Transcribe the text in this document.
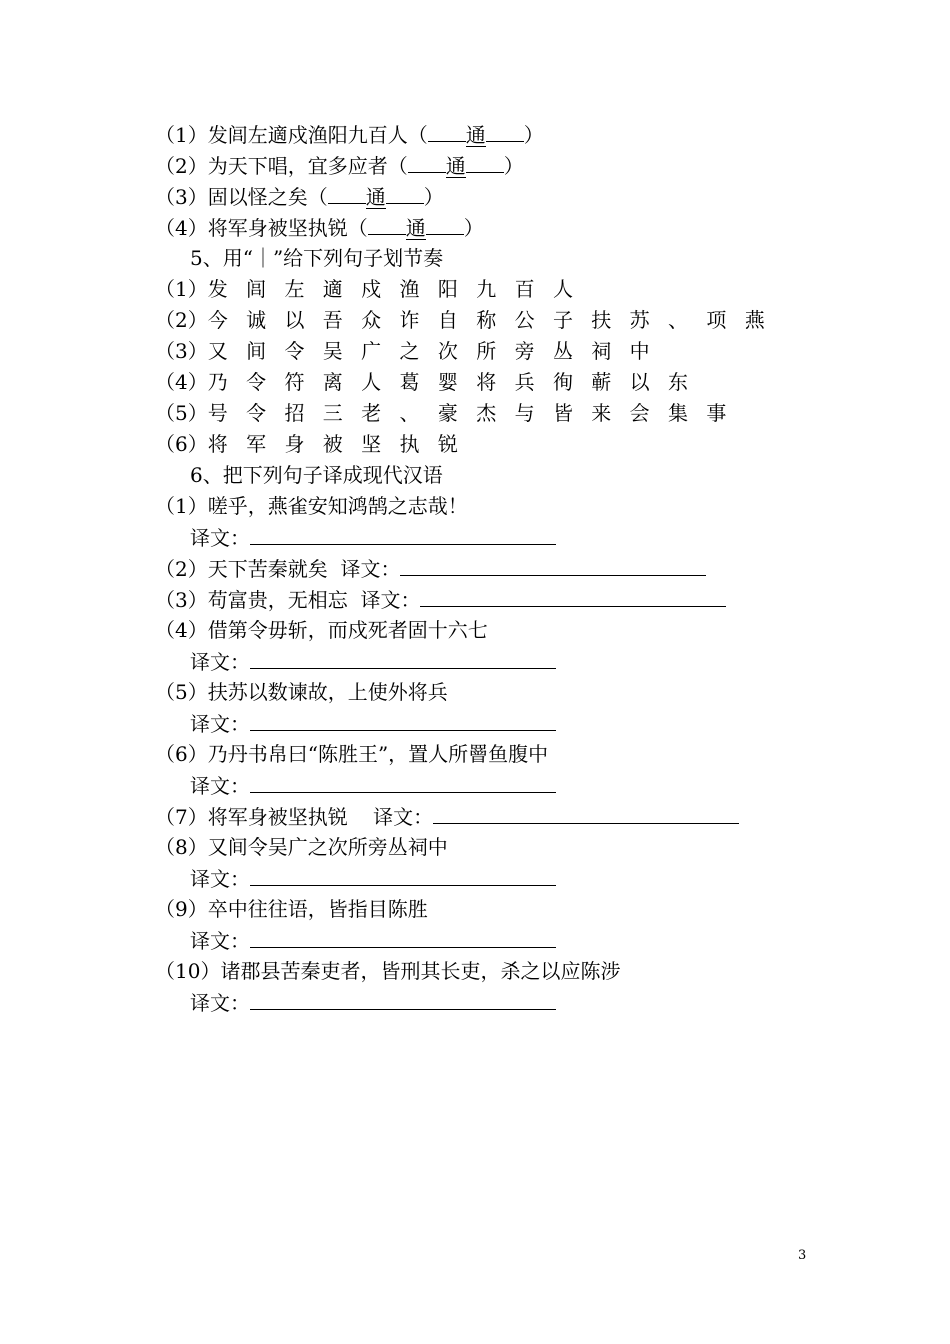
（1）发闾左適戍渔阳九百人（ 通 ）
（2）为天下唱，宜多应者（ 通 ）
（3）固以怪之矣（ 通 ）
（4）将军身被坚执锐（ 通 ）
5、用“｜”给下列句子划节奏
（1）发 闾 左 適 戍 渔 阳 九 百 人
（2）今 诚 以 吾 众 诈 自 称 公 子 扶 苏 、 项 燕
（3）又 间 令 吴 广 之 次 所 旁 丛 祠 中
（4）乃 令 符 离 人 葛 婴 将 兵 徇 蕲 以 东
（5）号 令 招 三 老 、 豪 杰 与 皆 来 会 集 事
（6）将 军 身 被 坚 执 锐
6、把下列句子译成现代汉语
（1）嗟乎，燕雀安知鸿鹄之志哉！
译文：
（2）天下苦秦就矣  译文：
（3）苟富贵，无相忘  译文：
（4）借第令毋斩，而戍死者固十六七
译文：
（5）扶苏以数谏故，上使外将兵
译文：
（6）乃丹书帛曰“陈胜王”，置人所罾鱼腹中
译文：
（7）将军身被坚执锐    译文：
（8）又间令吴广之次所旁丛祠中
译文：
（9）卒中往往语，皆指目陈胜
译文：
（10）诸郡县苦秦吏者，皆刑其长吏，杀之以应陈涉
译文：
3
